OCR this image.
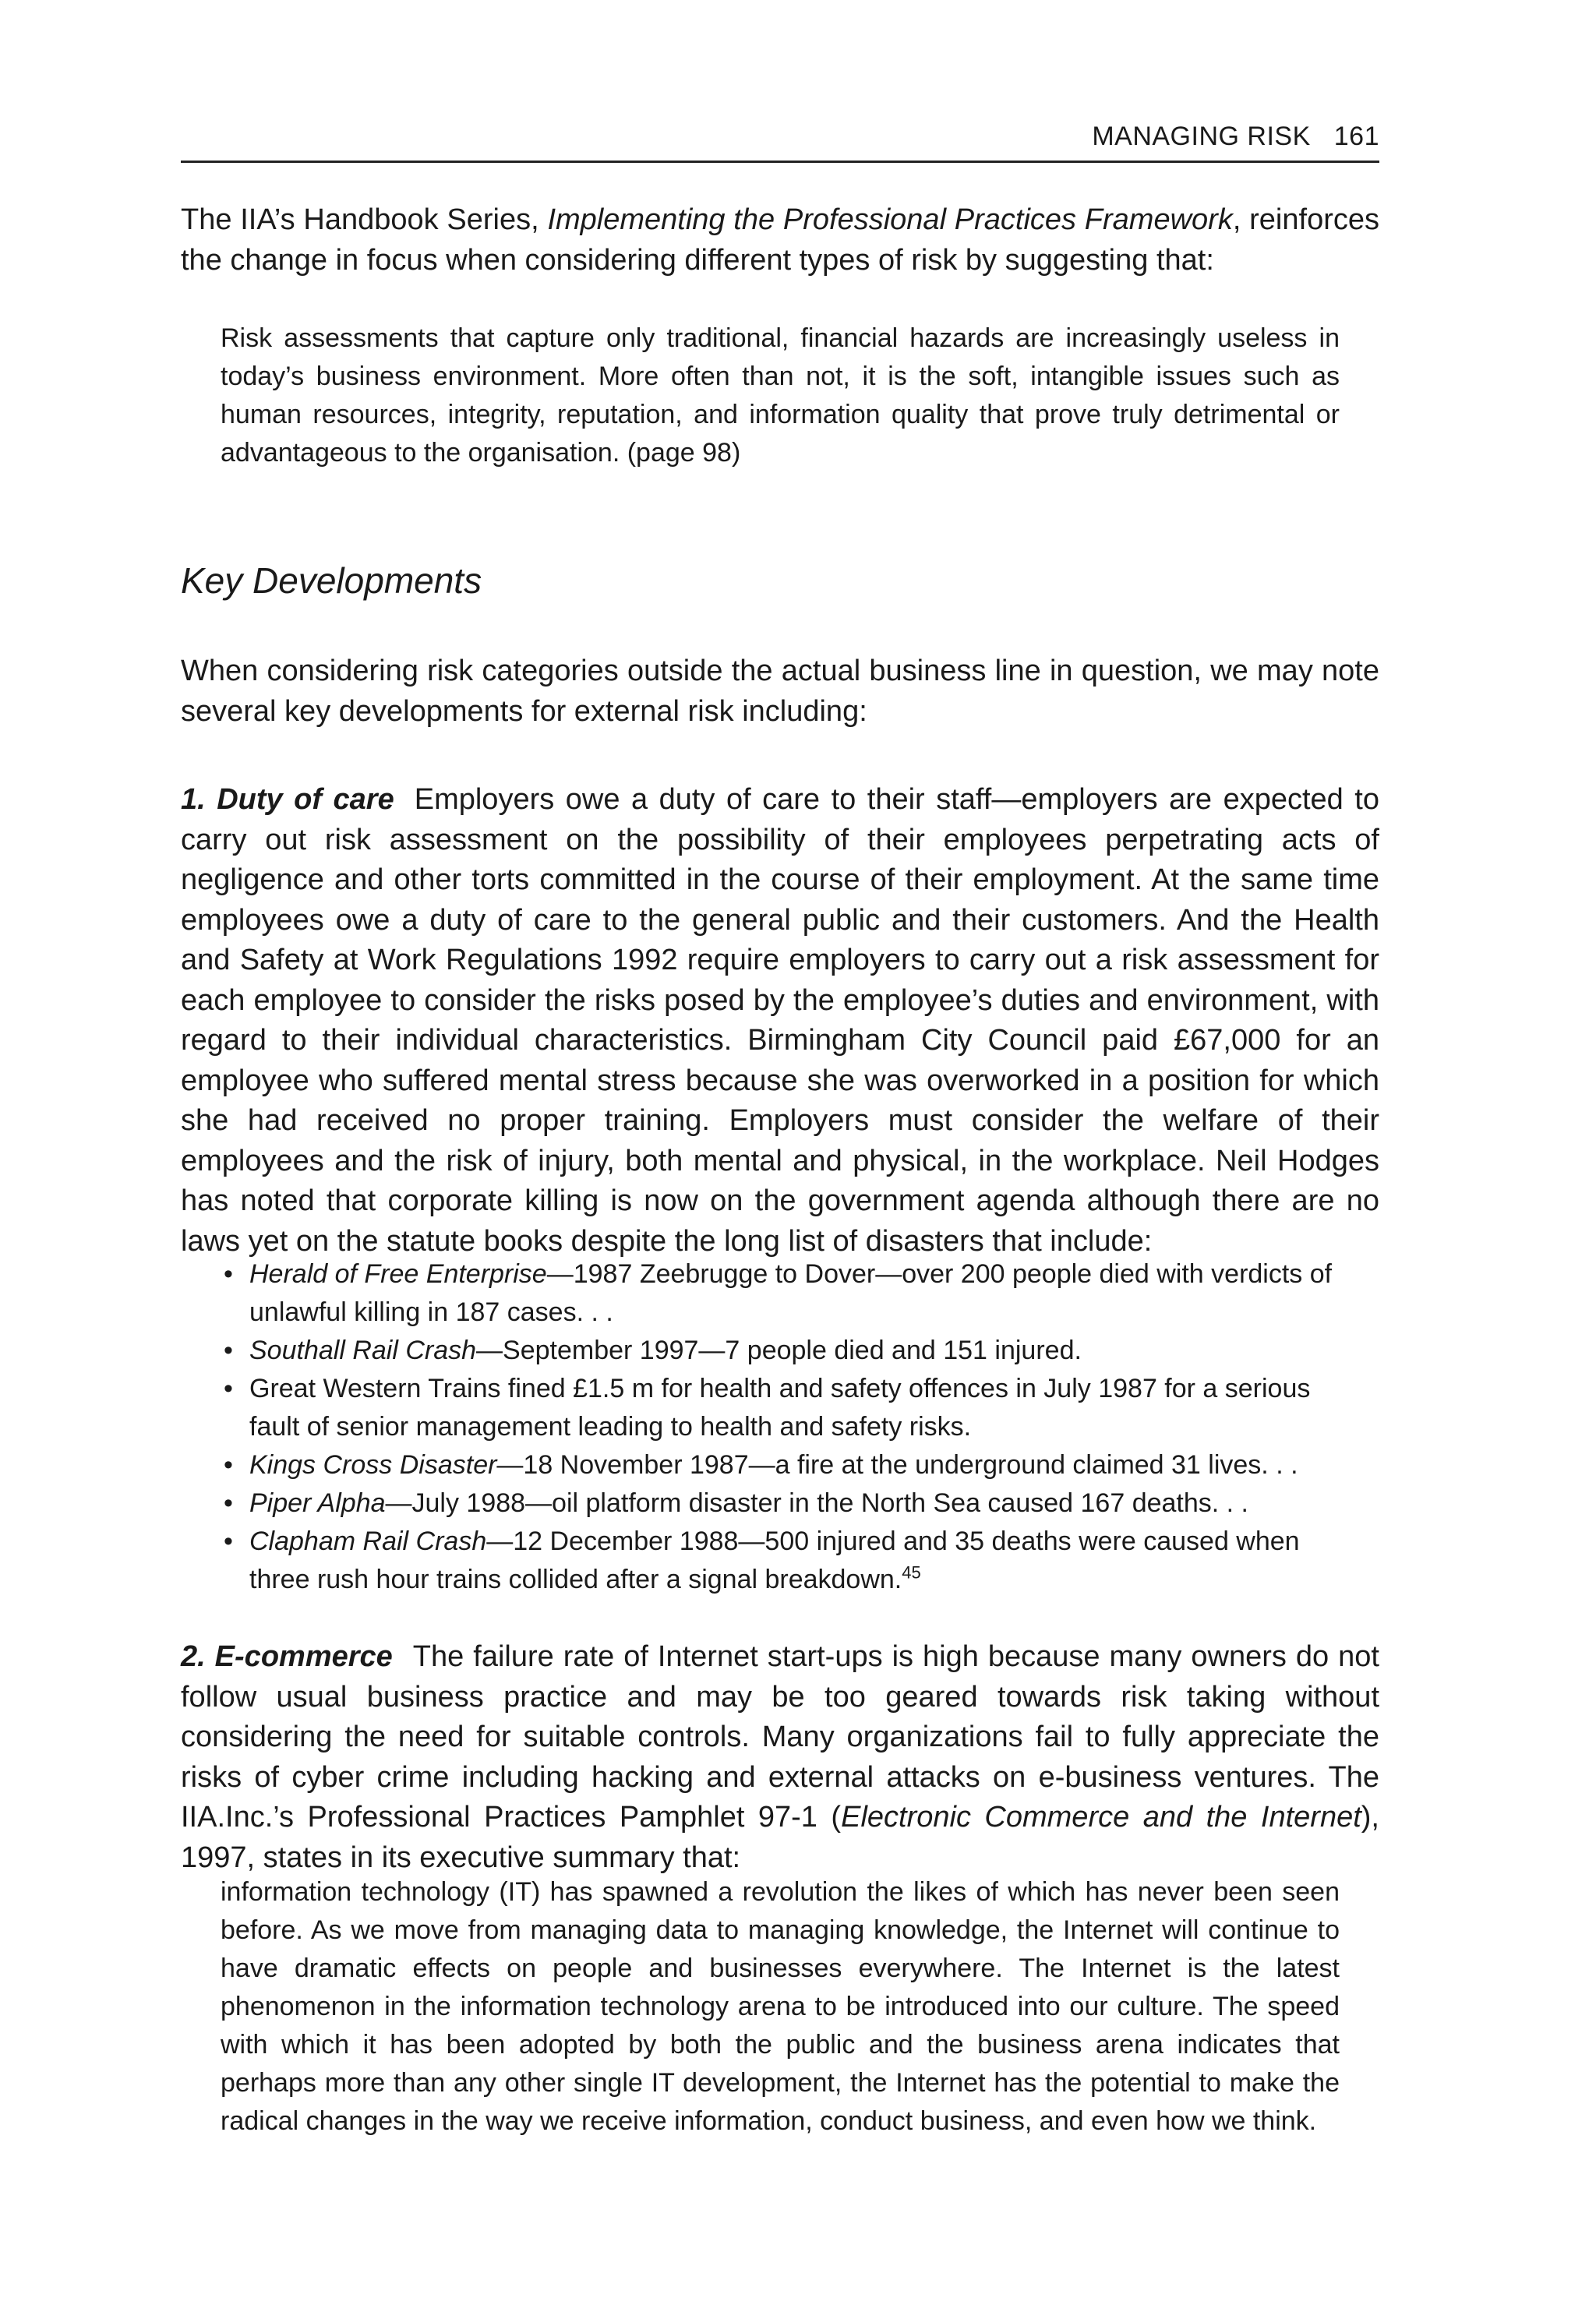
MANAGING RISK 161

The IIA’s Handbook Series, Implementing the Professional Practices Framework, reinforces the change in focus when considering different types of risk by suggesting that:

Risk assessments that capture only traditional, financial hazards are increasingly useless in today’s business environment. More often than not, it is the soft, intangible issues such as human resources, integrity, reputation, and information quality that prove truly detrimental or advantageous to the organisation. (page 98)

Key Developments

When considering risk categories outside the actual business line in question, we may note several key developments for external risk including:

1. Duty of care Employers owe a duty of care to their staff—employers are expected to carry out risk assessment on the possibility of their employees perpetrating acts of negligence and other torts committed in the course of their employment. At the same time employees owe a duty of care to the general public and their customers. And the Health and Safety at Work Regulations 1992 require employers to carry out a risk assessment for each employee to consider the risks posed by the employee’s duties and environment, with regard to their individual characteristics. Birmingham City Council paid £67,000 for an employee who suffered mental stress because she was overworked in a position for which she had received no proper training. Employers must consider the welfare of their employees and the risk of injury, both mental and physical, in the workplace. Neil Hodges has noted that corporate killing is now on the government agenda although there are no laws yet on the statute books despite the long list of disasters that include:

• Herald of Free Enterprise—1987 Zeebrugge to Dover—over 200 people died with verdicts of unlawful killing in 187 cases. . .
• Southall Rail Crash—September 1997—7 people died and 151 injured.
• Great Western Trains fined £1.5 m for health and safety offences in July 1987 for a serious fault of senior management leading to health and safety risks.
• Kings Cross Disaster—18 November 1987—a fire at the underground claimed 31 lives. . .
• Piper Alpha—July 1988—oil platform disaster in the North Sea caused 167 deaths. . .
• Clapham Rail Crash—12 December 1988—500 injured and 35 deaths were caused when three rush hour trains collided after a signal breakdown.$^{45}$

2. E-commerce The failure rate of Internet start-ups is high because many owners do not follow usual business practice and may be too geared towards risk taking without considering the need for suitable controls. Many organizations fail to fully appreciate the risks of cyber crime including hacking and external attacks on e-business ventures. The IIA.Inc.’s Professional Practices Pamphlet 97-1 (Electronic Commerce and the Internet), 1997, states in its executive summary that:

information technology (IT) has spawned a revolution the likes of which has never been seen before. As we move from managing data to managing knowledge, the Internet will continue to have dramatic effects on people and businesses everywhere. The Internet is the latest phenomenon in the information technology arena to be introduced into our culture. The speed with which it has been adopted by both the public and the business arena indicates that perhaps more than any other single IT development, the Internet has the potential to make the radical changes in the way we receive information, conduct business, and even how we think.
